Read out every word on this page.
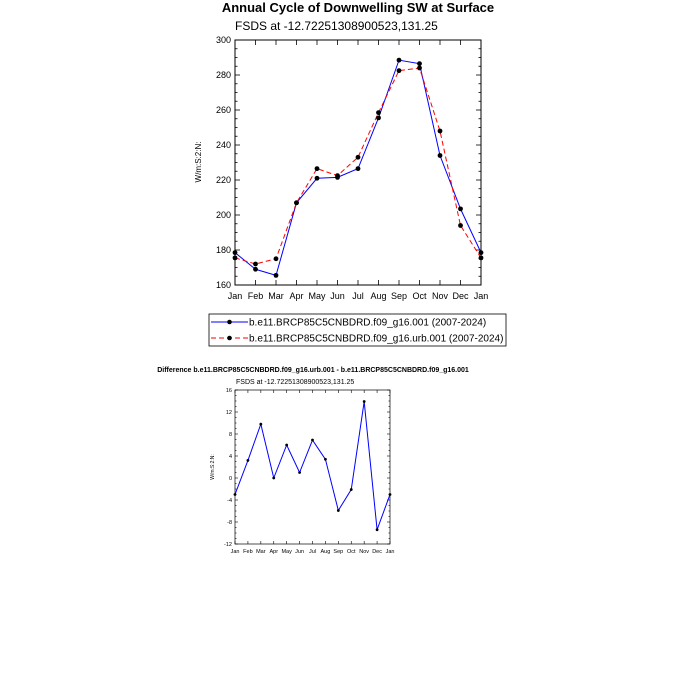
Annual Cycle of Downwelling SW at Surface
FSDS at -12.72251308900523,131.25
W/m:S:2:N:
160
180
200
220
240
260
280
300
Jan Feb Mar Apr May Jun Jul Aug Sep Oct Nov Dec Jan
b.e11.BRCP85C5CNBDRD.f09_g16.001 (2007-2024)
b.e11.BRCP85C5CNBDRD.f09_g16.urb.001 (2007-2024)
Difference b.e11.BRCP85C5CNBDRD.f09_g16.urb.001 - b.e11.BRCP85C5CNBDRD.f09_g16.001
FSDS at -12.72251308900523,131.25
W/m:S:2:N:
-12
-8
-4
0
4
8
12
16
Jan Feb Mar Apr May Jun Jul Aug Sep Oct Nov Dec Jan
